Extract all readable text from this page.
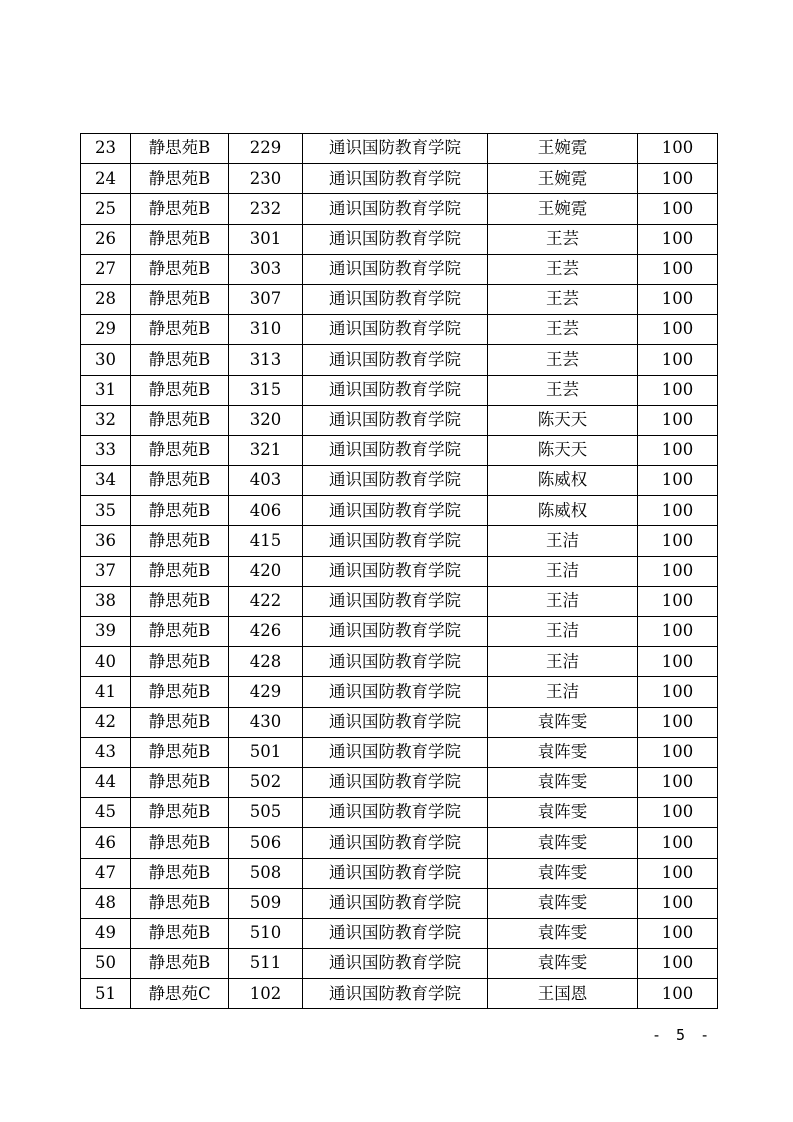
23	静思苑B	229	通识国防教育学院	王婉霓	100
24	静思苑B	230	通识国防教育学院	王婉霓	100
25	静思苑B	232	通识国防教育学院	王婉霓	100
26	静思苑B	301	通识国防教育学院	王芸	100
27	静思苑B	303	通识国防教育学院	王芸	100
28	静思苑B	307	通识国防教育学院	王芸	100
29	静思苑B	310	通识国防教育学院	王芸	100
30	静思苑B	313	通识国防教育学院	王芸	100
31	静思苑B	315	通识国防教育学院	王芸	100
32	静思苑B	320	通识国防教育学院	陈天天	100
33	静思苑B	321	通识国防教育学院	陈天天	100
34	静思苑B	403	通识国防教育学院	陈威权	100
35	静思苑B	406	通识国防教育学院	陈威权	100
36	静思苑B	415	通识国防教育学院	王洁	100
37	静思苑B	420	通识国防教育学院	王洁	100
38	静思苑B	422	通识国防教育学院	王洁	100
39	静思苑B	426	通识国防教育学院	王洁	100
40	静思苑B	428	通识国防教育学院	王洁	100
41	静思苑B	429	通识国防教育学院	王洁	100
42	静思苑B	430	通识国防教育学院	袁阵雯	100
43	静思苑B	501	通识国防教育学院	袁阵雯	100
44	静思苑B	502	通识国防教育学院	袁阵雯	100
45	静思苑B	505	通识国防教育学院	袁阵雯	100
46	静思苑B	506	通识国防教育学院	袁阵雯	100
47	静思苑B	508	通识国防教育学院	袁阵雯	100
48	静思苑B	509	通识国防教育学院	袁阵雯	100
49	静思苑B	510	通识国防教育学院	袁阵雯	100
50	静思苑B	511	通识国防教育学院	袁阵雯	100
51	静思苑C	102	通识国防教育学院	王国恩	100
- 5 -
